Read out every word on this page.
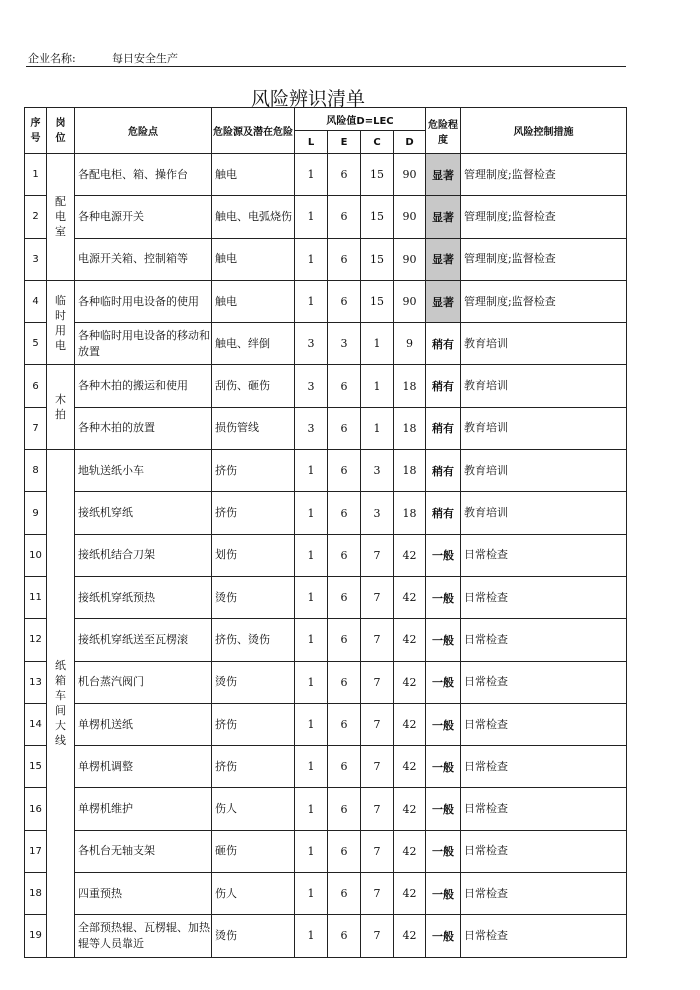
企业名称:	每日安全生产
风险辨识清单
序号	岗位	危险点	危险源及潜在危险	风险值D=LEC				危险程度	风险控制措施
				L	E	C	D		
1	配电室	各配电柜、箱、操作台	触电	1	6	15	90	显著	管理制度;监督检查
2		各种电源开关	触电、电弧烧伤	1	6	15	90	显著	管理制度;监督检查
3		电源开关箱、控制箱等	触电	1	6	15	90	显著	管理制度;监督检查
4	临时用电	各种临时用电设备的使用	触电	1	6	15	90	显著	管理制度;监督检查
5		各种临时用电设备的移动和放置	触电、绊倒	3	3	1	9	稍有	教育培训
6	木拍	各种木拍的搬运和使用	刮伤、砸伤	3	6	1	18	稍有	教育培训
7		各种木拍的放置	损伤管线	3	6	1	18	稍有	教育培训
8	纸箱车间大线	地轨送纸小车	挤伤	1	6	3	18	稍有	教育培训
9		接纸机穿纸	挤伤	1	6	3	18	稍有	教育培训
10		接纸机结合刀架	划伤	1	6	7	42	一般	日常检查
11		接纸机穿纸预热	烫伤	1	6	7	42	一般	日常检查
12		接纸机穿纸送至瓦楞滚	挤伤、烫伤	1	6	7	42	一般	日常检查
13		机台蒸汽阀门	烫伤	1	6	7	42	一般	日常检查
14		单楞机送纸	挤伤	1	6	7	42	一般	日常检查
15		单楞机调整	挤伤	1	6	7	42	一般	日常检查
16		单楞机维护	伤人	1	6	7	42	一般	日常检查
17		各机台无轴支架	砸伤	1	6	7	42	一般	日常检查
18		四重预热	伤人	1	6	7	42	一般	日常检查
19		全部预热辊、瓦楞辊、加热辊等人员靠近	烫伤	1	6	7	42	一般	日常检查
